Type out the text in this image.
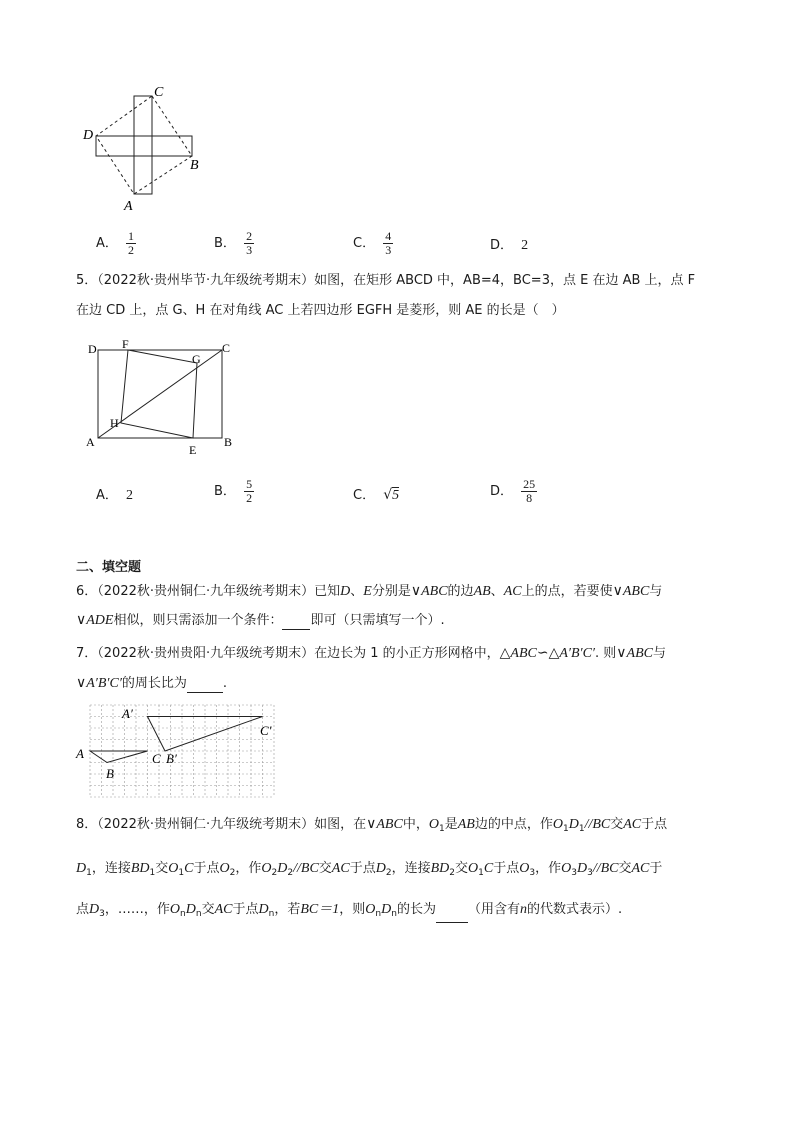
C
D
B
A
A． $\frac{1}{2}$	B． $\frac{2}{3}$	C． $\frac{4}{3}$	D． 2
5．（2022秋·贵州毕节·九年级统考期末）如图，在矩形 ABCD 中，AB=4，BC=3，点 E 在边 AB 上，点 F
在边 CD 上，点 G、H 在对角线 AC 上若四边形 EGFH 是菱形，则 AE 的长是（　）
D F
G
C
H
A
E
B
A． 2	B． $\frac{5}{2}$	C． √5	D． $\frac{25}{8}$
二、填空题
6．（2022秋·贵州铜仁·九年级统考期末）已知D、E分别是∨ABC的边AB、AC上的点，若要使∨ABC与
∨ADE相似，则只需添加一个条件： 即可（只需填写一个）.
7．（2022秋·贵州贵阳·九年级统考期末）在边长为 1 的小正方形网格中，△ABC∽△A′B′C′. 则∨ABC与
∨A′B′C′的周长比为	.
A
B
C
A′
B′
C′
8．（2022秋·贵州铜仁·九年级统考期末）如图，在∨ABC中，$O_1$是AB边的中点，作$O_1D_1//BC$交AC于点
$D_1$，连接$BD_1$交$O_1C$于点$O_2$，作$O_2D_2//BC$交AC于点$D_2$，连接$BD_2$交$O_1C$于点$O_3$，作$O_3D_3//BC$交AC于
点$D_3$，……，作$O_nD_n$交AC于点$D_n$，若BC＝1，则$O_nD_n$的长为 （用含有n的代数式表示）.
